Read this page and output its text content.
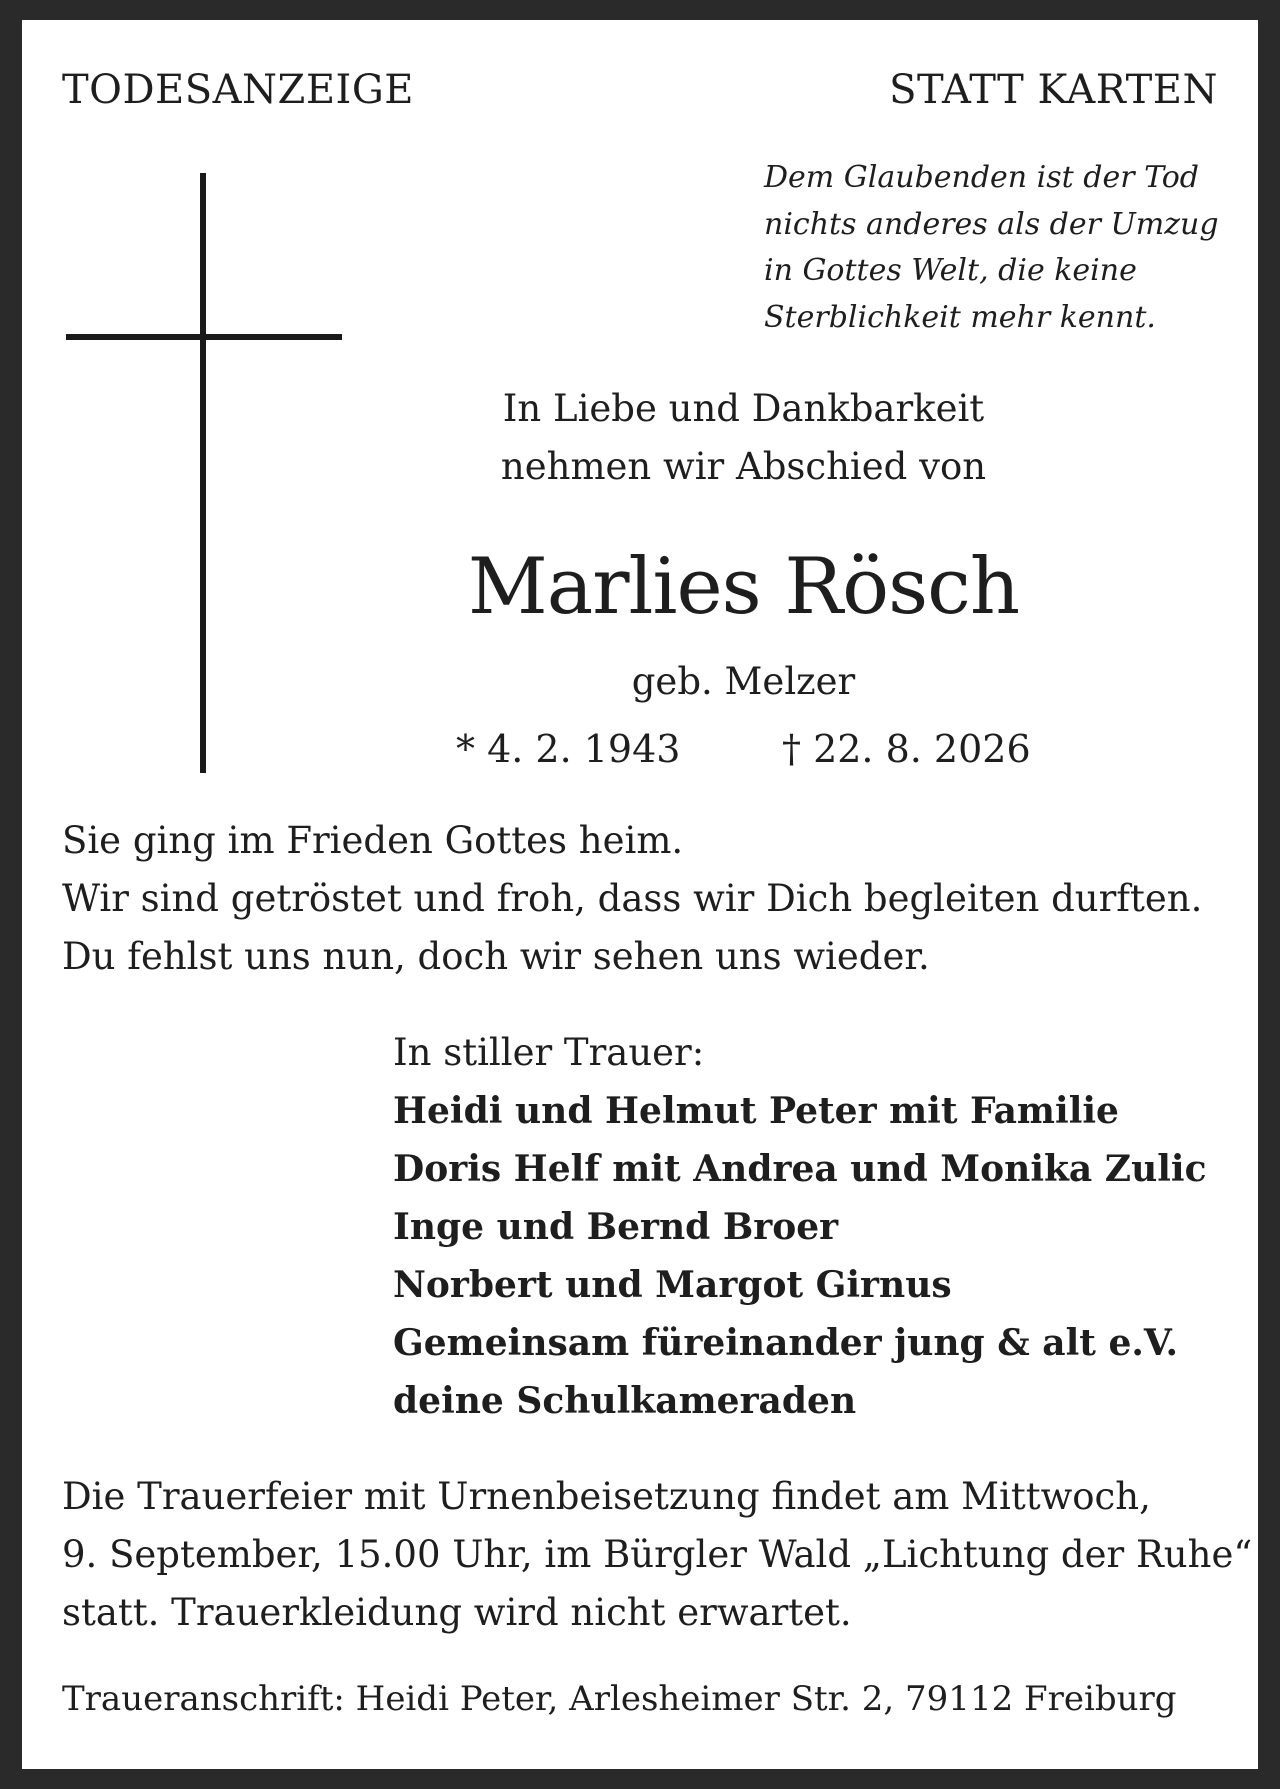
TODESANZEIGE	STATT KARTEN
Dem Glaubenden ist der Tod
nichts anderes als der Umzug
in Gottes Welt, die keine
Sterblichkeit mehr kennt.
In Liebe und Dankbarkeit
nehmen wir Abschied von
Marlies Rösch
geb. Melzer
* 4. 2. 1943	† 22. 8. 2026
Sie ging im Frieden Gottes heim.
Wir sind getröstet und froh, dass wir Dich begleiten durften.
Du fehlst uns nun, doch wir sehen uns wieder.
In stiller Trauer:
Heidi und Helmut Peter mit Familie
Doris Helf mit Andrea und Monika Zulic
Inge und Bernd Broer
Norbert und Margot Girnus
Gemeinsam füreinander jung & alt e.V.
deine Schulkameraden
Die Trauerfeier mit Urnenbeisetzung findet am Mittwoch,
9. September, 15.00 Uhr, im Bürgler Wald „Lichtung der Ruhe“
statt. Trauerkleidung wird nicht erwartet.
Traueranschrift: Heidi Peter, Arlesheimer Str. 2, 79112 Freiburg
